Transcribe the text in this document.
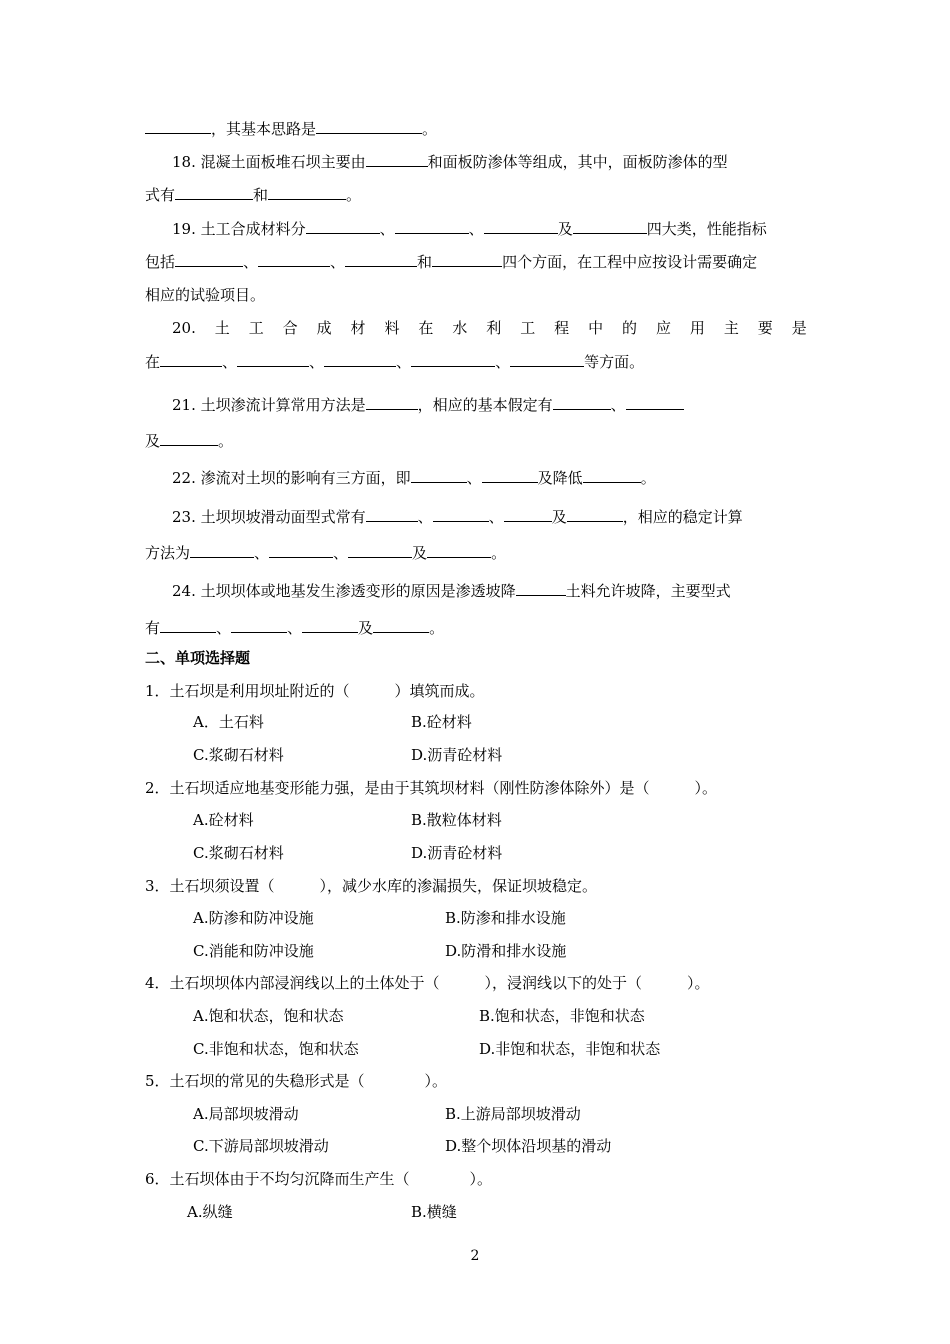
，其基本思路是	。
18. 混凝土面板堆石坝主要由	和面板防渗体等组成，其中，面板防渗体的型
式有	和	。
19. 土工合成材料分	、	、	及	四大类，性能指标
包括	、	、	和	四个方面，在工程中应按设计需要确定
相应的试验项目。
20. 土 工 合 成 材 料 在 水 利 工 程 中 的 应 用 主 要 是
在	、	、	、	、	等方面。
21. 土坝渗流计算常用方法是	，相应的基本假定有	、
及	。
22. 渗流对土坝的影响有三方面，即	、	及降低	。
23. 土坝坝坡滑动面型式常有	、	、	及	，相应的稳定计算
方法为	、	、	及	。
24. 土坝坝体或地基发生渗透变形的原因是渗透坡降	土料允许坡降，主要型式
有	、	、	及	。
二、单项选择题
1．土石坝是利用坝址附近的（　　　）填筑而成。
A．土石料	B.砼材料
C.浆砌石材料	D.沥青砼材料
2．土石坝适应地基变形能力强，是由于其筑坝材料（刚性防渗体除外）是（　　　）。
A.砼材料	B.散粒体材料
C.浆砌石材料	D.沥青砼材料
3．土石坝须设置（　　　），减少水库的渗漏损失，保证坝坡稳定。
A.防渗和防冲设施	B.防渗和排水设施
C.消能和防冲设施	D.防滑和排水设施
4．土石坝坝体内部浸润线以上的土体处于（　　　），浸润线以下的处于（　　　）。
A.饱和状态，饱和状态	B.饱和状态，非饱和状态
C.非饱和状态，饱和状态	D.非饱和状态，非饱和状态
5．土石坝的常见的失稳形式是（　　　　）。
A.局部坝坡滑动	B.上游局部坝坡滑动
C.下游局部坝坡滑动	D.整个坝体沿坝基的滑动
6．土石坝体由于不均匀沉降而生产生（　　　　）。
A.纵缝	B.横缝
2
